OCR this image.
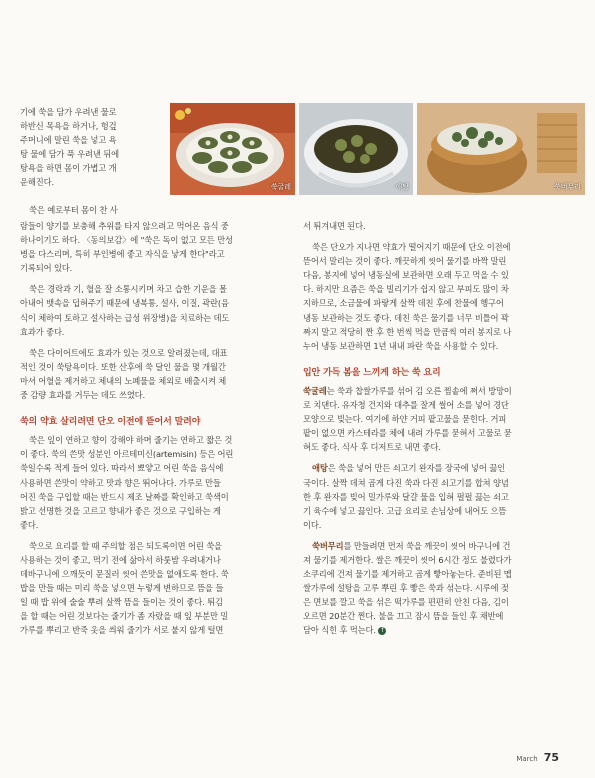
쑥굴레	애탕	쑥버무리

기에 쑥을 담가 우려낸 물로

하반신 목욕을 하거나, 헝겊

주머니에 말린 쑥을 넣고 욕

탕 물에 담가 푹 우려낸 뒤에

탕욕을 하면 몸이 가볍고 개

운해진다.

쑥은 예로부터 몸이 찬 사

람들이 양기를 보충해 추위를 타지 않으려고 먹어온 음식 중

하나이기도 하다. 〈동의보감〉에 "쑥은 독이 없고 모든 만성

병을 다스리며, 특히 부인병에 좋고 자식을 낳게 한다"라고

기록되어 있다.

쑥은 경락과 기, 혈을 잘 소통시키며 차고 습한 기운을 몰

아내어 뱃속을 덥혀주기 때문에 냉복통, 설사, 이질, 곽란(음

식이 체하여 토하고 설사하는 급성 위장병)을 치료하는 데도

효과가 좋다.

쑥은 다이어트에도 효과가 있는 것으로 알려졌는데, 대표

적인 것이 쑥탕욕이다. 또한 산후에 쑥 달인 물을 몇 개월간

마셔 어혈을 제거하고 체내의 노폐물을 체외로 배출시켜 체

중 감량 효과를 거두는 데도 쓰였다.

쑥의 약효 살리려면 단오 이전에 뜯어서 말려야

쑥은 잎이 연하고 향이 강해야 하며 줄기는 연하고 짧은 것

이 좋다. 쑥의 쓴맛 성분인 아르테미신(artemisin) 등은 어린

쑥일수록 적게 들어 있다. 따라서 뾰얗고 어린 쑥을 음식에

사용하면 쓴맛이 약하고 맛과 향은 뛰어나다. 가루로 만들

어진 쑥을 구입할 때는 반드시 제조 날짜를 확인하고 쑥색이

밝고 선명한 것을 고르고 향내가 좋은 것으로 구입하는 게

좋다.

쑥으로 요리를 할 때 주의할 점은 되도록이면 어린 쑥을

사용하는 것이 좋고, 먹기 전에 삶아서 하룻밤 우려내거나

데바구니에 으깨듯이 문질러 씻어 쓴맛을 없애도록 한다. 쑥

밥을 만들 때는 미리 쑥을 넣으면 누렇게 변하므로 뜸을 들

일 때 밥 위에 술술 뿌려 살짝 뜸을 들이는 것이 좋다. 튀김

을 할 때는 어린 것보다는 줄기가 좀 자랐을 때 잎 부분만 밀

가루를 뿌리고 반죽 옷을 씌워 줄기가 서로 붙지 않게 털면

서 튀겨내면 된다.

쑥은 단오가 지나면 약효가 떨어지기 때문에 단오 이전에

뜯어서 말리는 것이 좋다. 깨끗하게 씻어 물기를 바짝 말린

다음, 봉지에 넣어 냉동실에 보관하면 오래 두고 먹을 수 있

다. 하지만 요즘은 쑥을 빌리기가 쉽지 않고 부피도 많이 차

지하므로, 소금물에 파랗게 살짝 데친 후에 찬물에 헹구어

냉동 보관하는 것도 좋다. 데친 쑥은 물기를 너무 비틀어 꽉

짜지 말고 적당히 짠 후 한 번씩 먹을 만큼씩 여러 봉지로 나

누어 냉동 보관하면 1년 내내 파란 쑥을 사용할 수 있다.

입안 가득 봄을 느끼게 하는 쑥 요리

쑥굴레는 쑥과 찹쌀가루를 섞어 김 오른 찜솥에 쪄서 방망이

로 치댄다. 유자청 건지와 대추를 잘게 썰어 소를 넣어 경단

모양으로 빚는다. 여기에 하얀 거피 팥고물을 묻힌다. 거피

팥이 없으면 카스테라를 체에 내려 가루를 묻혀서 고물로 묻

혀도 좋다. 식사 후 디저트로 내면 좋다.

애탕은 쑥을 넣어 만든 쇠고기 완자를 장국에 넣어 끓인

국이다. 살짝 데쳐 곱게 다진 쑥과 다진 쇠고기를 합쳐 양념

한 후 완자를 빚어 밀가루와 달걀 물을 입혀 펄펄 끓는 쇠고

기 육수에 넣고 끓인다. 고급 요리로 손님상에 내어도 으뜸

이다.

쑥버무리를 만들려면 먼저 쑥을 깨끗이 씻어 바구니에 건

져 물기를 제거한다. 쌀은 깨끗이 씻어 6시간 정도 불렸다가

소쿠리에 건져 물기를 제거하고 곱게 빻아놓는다. 준비된 멥

쌀가루에 설탕을 고루 뿌린 후 빻은 쑥과 섞는다. 시루에 젖

은 면보를 깔고 쑥을 섞은 떡가루를 편편히 안친 다음, 김이

오르면 20분간 찐다. 불을 끄고 잠시 뜸을 들인 후 채반에

담아 식힌 후 먹는다. f

March 75
